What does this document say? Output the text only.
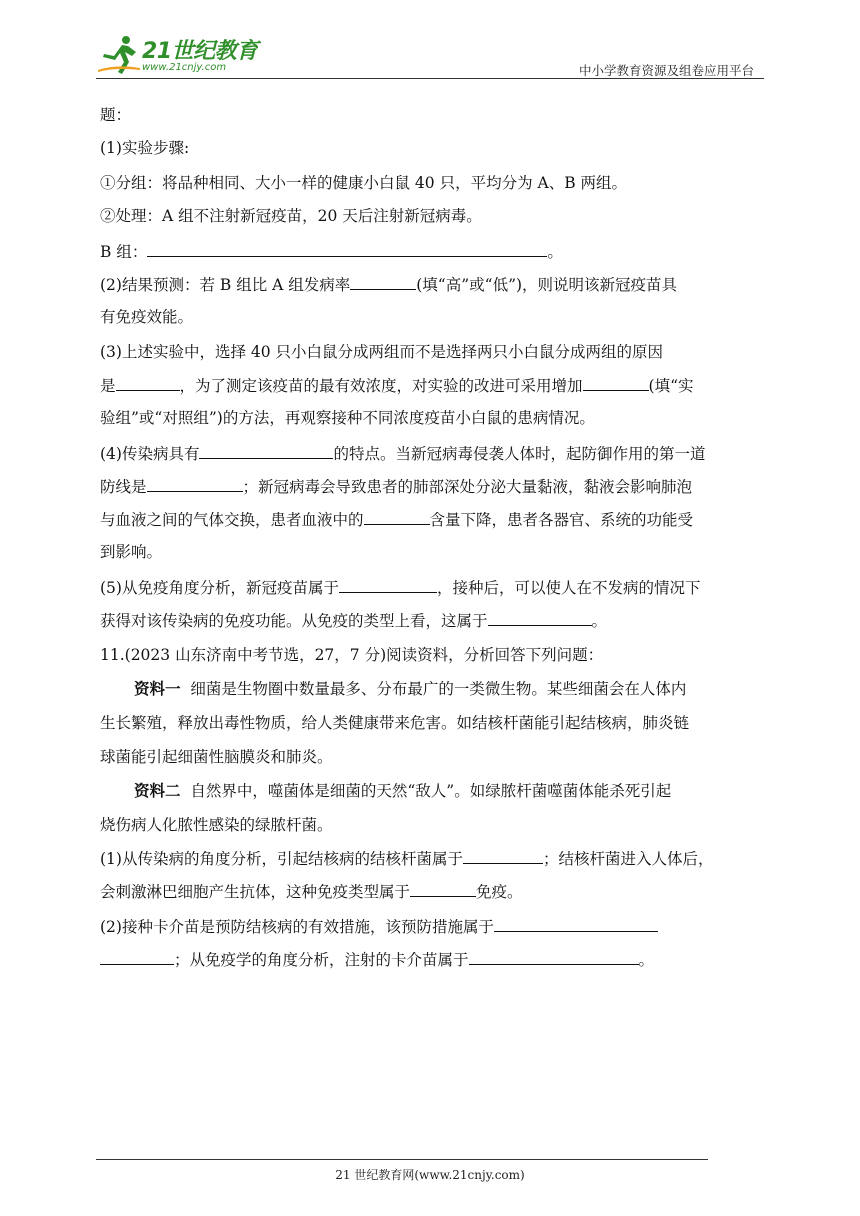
21世纪教育
www.21cnjy.com	中小学教育资源及组卷应用平台
题：
(1)实验步骤:
①分组：将品种相同、大小一样的健康小白鼠 40 只，平均分为 A、B 两组。
②处理：A 组不注射新冠疫苗，20 天后注射新冠病毒。
B 组：	。
(2)结果预测：若 B 组比 A 组发病率	(填“高”或“低”)，则说明该新冠疫苗具
有免疫效能。
(3)上述实验中，选择 40 只小白鼠分成两组而不是选择两只小白鼠分成两组的原因
是	，为了测定该疫苗的最有效浓度，对实验的改进可采用增加	(填“实
验组”或“对照组”)的方法，再观察接种不同浓度疫苗小白鼠的患病情况。
(4)传染病具有	的特点。当新冠病毒侵袭人体时，起防御作用的第一道
防线是	；新冠病毒会导致患者的肺部深处分泌大量黏液，黏液会影响肺泡
与血液之间的气体交换，患者血液中的	含量下降，患者各器官、系统的功能受
到影响。
(5)从免疫角度分析，新冠疫苗属于	，接种后，可以使人在不发病的情况下
获得对该传染病的免疫功能。从免疫的类型上看，这属于	。
11.(2023 山东济南中考节选，27，7 分)阅读资料，分析回答下列问题：
资料一 细菌是生物圈中数量最多、分布最广的一类微生物。某些细菌会在人体内
生长繁殖，释放出毒性物质，给人类健康带来危害。如结核杆菌能引起结核病，肺炎链
球菌能引起细菌性脑膜炎和肺炎。
资料二 自然界中，噬菌体是细菌的天然“敌人”。如绿脓杆菌噬菌体能杀死引起
烧伤病人化脓性感染的绿脓杆菌。
(1)从传染病的角度分析，引起结核病的结核杆菌属于	；结核杆菌进入人体后，
会刺激淋巴细胞产生抗体，这种免疫类型属于	免疫。
(2)接种卡介苗是预防结核病的有效措施，该预防措施属于
；从免疫学的角度分析，注射的卡介苗属于	。
21 世纪教育网(www.21cnjy.com)
